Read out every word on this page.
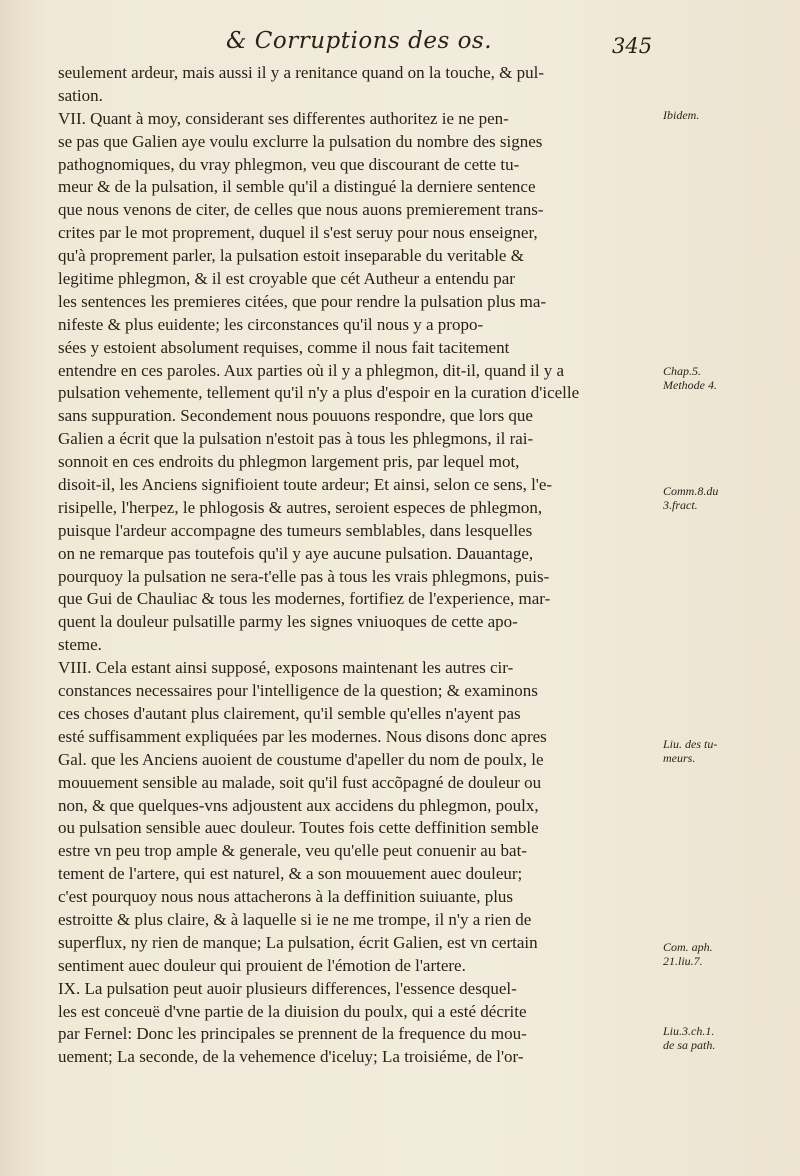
& Corruptions des os.	345
seulement ardeur, mais aussi il y a renitance quand on la touche, & pul-
sation.
VII. Quant à moy, considerant ses differentes authoritez ie ne pen-
se pas que Galien aye voulu exclurre la pulsation du nombre des signes
pathognomiques, du vray phlegmon, veu que discourant de cette tu-
meur & de la pulsation, il semble qu'il a distingué la derniere sentence
que nous venons de citer, de celles que nous auons premierement trans-
crites par le mot proprement, duquel il s'est seruy pour nous enseigner,
qu'à proprement parler, la pulsation estoit inseparable du veritable &
legitime phlegmon, & il est croyable que cét Autheur a entendu par
les sentences les premieres citées, que pour rendre la pulsation plus ma-
nifeste & plus euidente; les circonstances qu'il nous y a propo-
sées y estoient absolument requises, comme il nous fait tacitement
entendre en ces paroles. Aux parties où il y a phlegmon, dit-il, quand il y a
pulsation vehemente, tellement qu'il n'y a plus d'espoir en la curation d'icelle
sans suppuration. Secondement nous pouuons respondre, que lors que
Galien a écrit que la pulsation n'estoit pas à tous les phlegmons, il rai-
sonnoit en ces endroits du phlegmon largement pris, par lequel mot,
disoit-il, les Anciens signifioient toute ardeur; Et ainsi, selon ce sens, l'e-
risipelle, l'herpez, le phlogosis & autres, seroient especes de phlegmon,
puisque l'ardeur accompagne des tumeurs semblables, dans lesquelles
on ne remarque pas toutefois qu'il y aye aucune pulsation. Dauantage,
pourquoy la pulsation ne sera-t'elle pas à tous les vrais phlegmons, puis-
que Gui de Chauliac & tous les modernes, fortifiez de l'experience, mar-
quent la douleur pulsatille parmy les signes vniuoques de cette apo-
steme.
VIII. Cela estant ainsi supposé, exposons maintenant les autres cir-
constances necessaires pour l'intelligence de la question; & examinons
ces choses d'autant plus clairement, qu'il semble qu'elles n'ayent pas
esté suffisamment expliquées par les modernes. Nous disons donc apres
Gal. que les Anciens auoient de coustume d'apeller du nom de poulx, le
mouuement sensible au malade, soit qu'il fust accõpagné de douleur ou
non, & que quelques-vns adjoustent aux accidens du phlegmon, poulx,
ou pulsation sensible auec douleur. Toutes fois cette deffinition semble
estre vn peu trop ample & generale, veu qu'elle peut conuenir au bat-
tement de l'artere, qui est naturel, & a son mouuement auec douleur;
c'est pourquoy nous nous attacherons à la deffinition suiuante, plus
estroitte & plus claire, & à laquelle si ie ne me trompe, il n'y a rien de
superflux, ny rien de manque; La pulsation, écrit Galien, est vn certain
sentiment auec douleur qui prouient de l'émotion de l'artere.
IX. La pulsation peut auoir plusieurs differences, l'essence desquel-
les est conceuë d'vne partie de la diuision du poulx, qui a esté décrite
par Fernel: Donc les principales se prennent de la frequence du mou-
uement; La seconde, de la vehemence d'iceluy; La troisiéme, de l'or-
Ibidem.
Chap.5.
Methode 4.
Comm.8.du
3.fract.
Liu. des tu-
meurs.
Com. aph.
21.liu.7.
Liu.3.ch.1.
de sa path.
